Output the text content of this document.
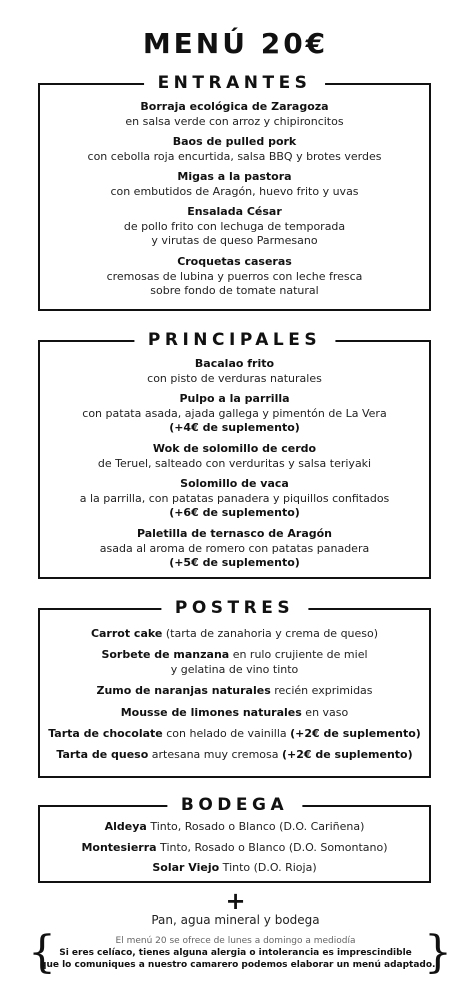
MENÚ 20€
ENTRANTES
Borraja ecológica de Zaragoza
en salsa verde con arroz y chipironcitos
Baos de pulled pork
con cebolla roja encurtida, salsa BBQ y brotes verdes
Migas a la pastora
con embutidos de Aragón, huevo frito y uvas
Ensalada César
de pollo frito con lechuga de temporada
y virutas de queso Parmesano
Croquetas caseras
cremosas de lubina y puerros con leche fresca
sobre fondo de tomate natural
PRINCIPALES
Bacalao frito
con pisto de verduras naturales
Pulpo a la parrilla
con patata asada, ajada gallega y pimentón de La Vera
(+4€ de suplemento)
Wok de solomillo de cerdo
de Teruel, salteado con verduritas y salsa teriyaki
Solomillo de vaca
a la parrilla, con patatas panadera y piquillos confitados
(+6€ de suplemento)
Paletilla de ternasco de Aragón
asada al aroma de romero con patatas panadera
(+5€ de suplemento)
POSTRES
Carrot cake (tarta de zanahoria y crema de queso)
Sorbete de manzana en rulo crujiente de miel
y gelatina de vino tinto
Zumo de naranjas naturales recién exprimidas
Mousse de limones naturales en vaso
Tarta de chocolate con helado de vainilla (+2€ de suplemento)
Tarta de queso artesana muy cremosa (+2€ de suplemento)
BODEGA
Aldeya Tinto, Rosado o Blanco (D.O. Cariñena)
Montesierra Tinto, Rosado o Blanco (D.O. Somontano)
Solar Viejo Tinto (D.O. Rioja)
+
Pan, agua mineral y bodega
{	}
El menú 20 se ofrece de lunes a domingo a mediodía
Si eres celíaco, tienes alguna alergia o intolerancia es imprescindible
que lo comuniques a nuestro camarero podemos elaborar un menú adaptado.
